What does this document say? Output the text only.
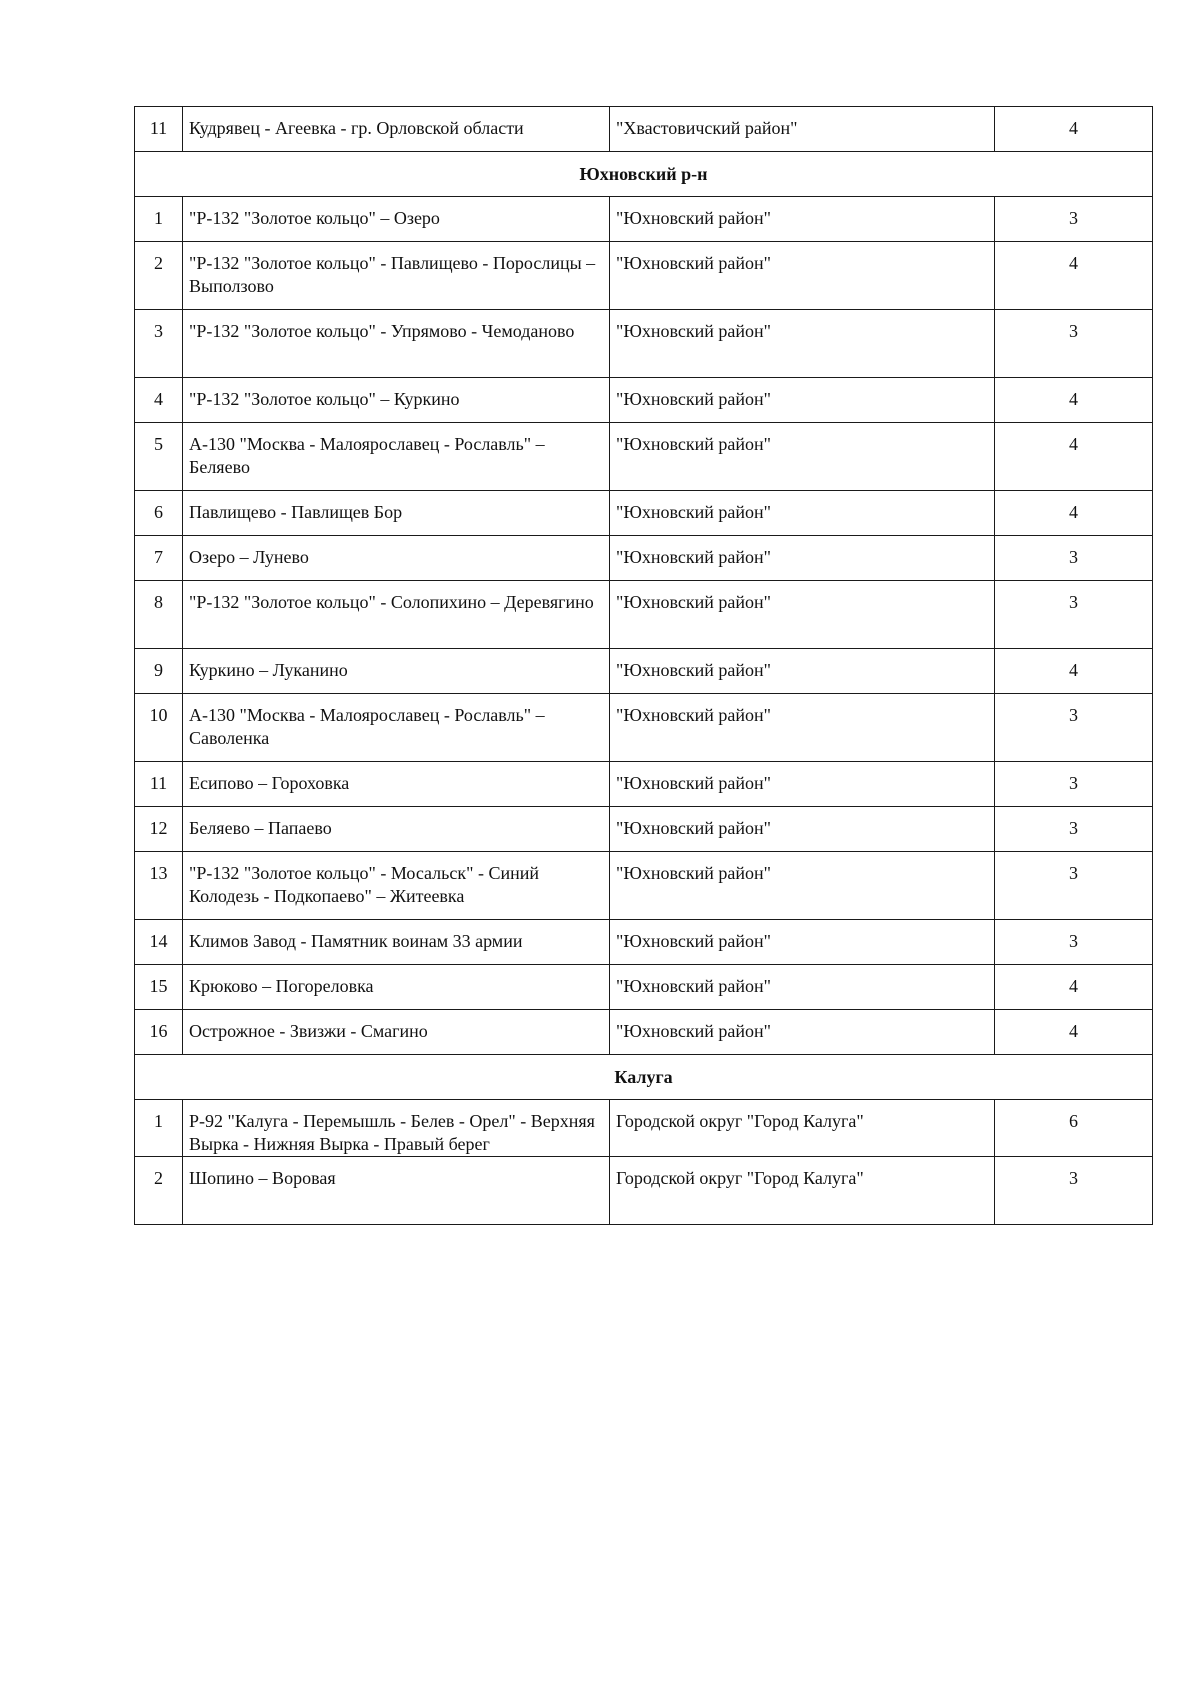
11	Кудрявец - Агеевка - гр. Орловской области	"Хвастовичский район"	4
Юхновский р-н			
1	"Р-132 "Золотое кольцо" – Озеро	"Юхновский район"	3
2	"Р-132 "Золотое кольцо" - Павлищево - Порослицы – Выползово	"Юхновский район"	4
3	"Р-132 "Золотое кольцо" - Упрямово - Чемоданово	"Юхновский район"	3
4	"Р-132 "Золотое кольцо" – Куркино	"Юхновский район"	4
5	А-130 "Москва - Малоярославец - Рославль" – Беляево	"Юхновский район"	4
6	Павлищево - Павлищев Бор	"Юхновский район"	4
7	Озеро – Лунево	"Юхновский район"	3
8	"Р-132 "Золотое кольцо" - Солопихино – Деревягино	"Юхновский район"	3
9	Куркино – Луканино	"Юхновский район"	4
10	А-130 "Москва - Малоярославец - Рославль" – Саволенка	"Юхновский район"	3
11	Есипово – Гороховка	"Юхновский район"	3
12	Беляево – Папаево	"Юхновский район"	3
13	"Р-132 "Золотое кольцо" - Мосальск" - Синий Колодезь - Подкопаево" – Житеевка	"Юхновский район"	3
14	Климов Завод - Памятник воинам 33 армии	"Юхновский район"	3
15	Крюково – Погореловка	"Юхновский район"	4
16	Острожное - Звизжи - Смагино	"Юхновский район"	4
Калуга			
1	Р-92 "Калуга - Перемышль - Белев - Орел" - Верхняя Вырка - Нижняя Вырка - Правый берег	Городской округ "Город Калуга"	6
2	Шопино – Воровая	Городской округ "Город Калуга"	3
